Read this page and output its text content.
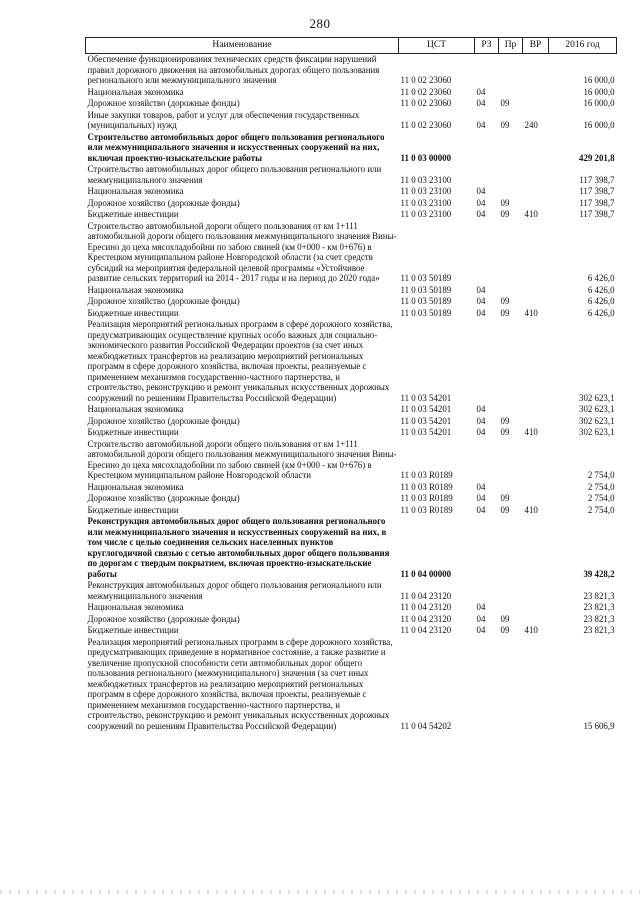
280
Наименование	ЦСТ	РЗ	Пр	ВР	2016 год
Обеспечение функционирования технических средств фиксации нарушений правил дорожного движения на автомобильных дорогах общего пользования регионального или межмуниципального значения	11 0 02 23060				16 000,0
Национальная экономика	11 0 02 23060	04			16 000,0
Дорожное хозяйство (дорожные фонды)	11 0 02 23060	04	09		16 000,0
Иные закупки товаров, работ и услуг для обеспечения государственных (муниципальных) нужд	11 0 02 23060	04	09	240	16 000,0
Строительство автомобильных дорог общего пользования регионального или межмуниципального значения и искусственных сооружений на них, включая проектно-изыскательские работы	11 0 03 00000				429 201,8
Строительство автомобильных дорог общего пользования регионального или межмуниципального значения	11 0 03 23100				117 398,7
Национальная экономика	11 0 03 23100	04			117 398,7
Дорожное хозяйство (дорожные фонды)	11 0 03 23100	04	09		117 398,7
Бюджетные инвестиции	11 0 03 23100	04	09	410	117 398,7
Строительство автомобильной дороги общего пользования от км 1+111 автомобильной дороги общего пользования межмуниципального значения Вины-Ересино до цеха мясохладобойни по забою свиней (км 0+000 - км 0+676) в Крестецком муниципальном районе Новгородской области (за счет средств субсидий на мероприятия федеральной целевой программы «Устойчивое развитие сельских территорий на 2014 - 2017 годы и на период до 2020 года»	11 0 03 50189				6 426,0
Национальная экономика	11 0 03 50189	04			6 426,0
Дорожное хозяйство (дорожные фонды)	11 0 03 50189	04	09		6 426,0
Бюджетные инвестиции	11 0 03 50189	04	09	410	6 426,0
Реализация мероприятий региональных программ в сфере дорожного хозяйства, предусматривающих осуществление крупных особо важных для социально-экономического развития Российской Федерации проектов (за счет иных межбюджетных трансфертов на реализацию мероприятий региональных программ в сфере дорожного хозяйства, включая проекты, реализуемые с применением механизмов государственно-частного партнерства, и строительство, реконструкцию и ремонт уникальных искусственных дорожных сооружений по решениям Правительства Российской Федерации)	11 0 03 54201				302 623,1
Национальная экономика	11 0 03 54201	04			302 623,1
Дорожное хозяйство (дорожные фонды)	11 0 03 54201	04	09		302 623,1
Бюджетные инвестиции	11 0 03 54201	04	09	410	302 623,1
Строительство автомобильной дороги общего пользования от км 1+111 автомобильной дороги общего пользования межмуниципального значения Вины-Ересино до цеха мясохладобойни по забою свиней (км 0+000 - км 0+676) в Крестецком муниципальном районе Новгородской области	11 0 03 R0189				2 754,0
Национальная экономика	11 0 03 R0189	04			2 754,0
Дорожное хозяйство (дорожные фонды)	11 0 03 R0189	04	09		2 754,0
Бюджетные инвестиции	11 0 03 R0189	04	09	410	2 754,0
Реконструкция автомобильных дорог общего пользования регионального или межмуниципального значения и искусственных сооружений на них, в том числе с целью соединения сельских населенных пунктов круглогодичной связью с сетью автомобильных дорог общего пользования по дорогам с твердым покрытием, включая проектно-изыскательские работы	11 0 04 00000				39 428,2
Реконструкция автомобильных дорог общего пользования регионального или межмуниципального значения	11 0 04 23120				23 821,3
Национальная экономика	11 0 04 23120	04			23 821,3
Дорожное хозяйство (дорожные фонды)	11 0 04 23120	04	09		23 821,3
Бюджетные инвестиции	11 0 04 23120	04	09	410	23 821,3
Реализация мероприятий региональных программ в сфере дорожного хозяйства, предусматривающих приведение в нормативное состояние, а также развитие и увеличение пропускной способности сети автомобильных дорог общего пользования регионального (межмуниципального) значения (за счет иных межбюджетных трансфертов на реализацию мероприятий региональных программ в сфере дорожного хозяйства, включая проекты, реализуемые с применением механизмов государственно-частного партнерства, и строительство, реконструкцию и ремонт уникальных искусственных дорожных сооружений по решениям Правительства Российской Федерации)	11 0 04 54202				15 606,9
